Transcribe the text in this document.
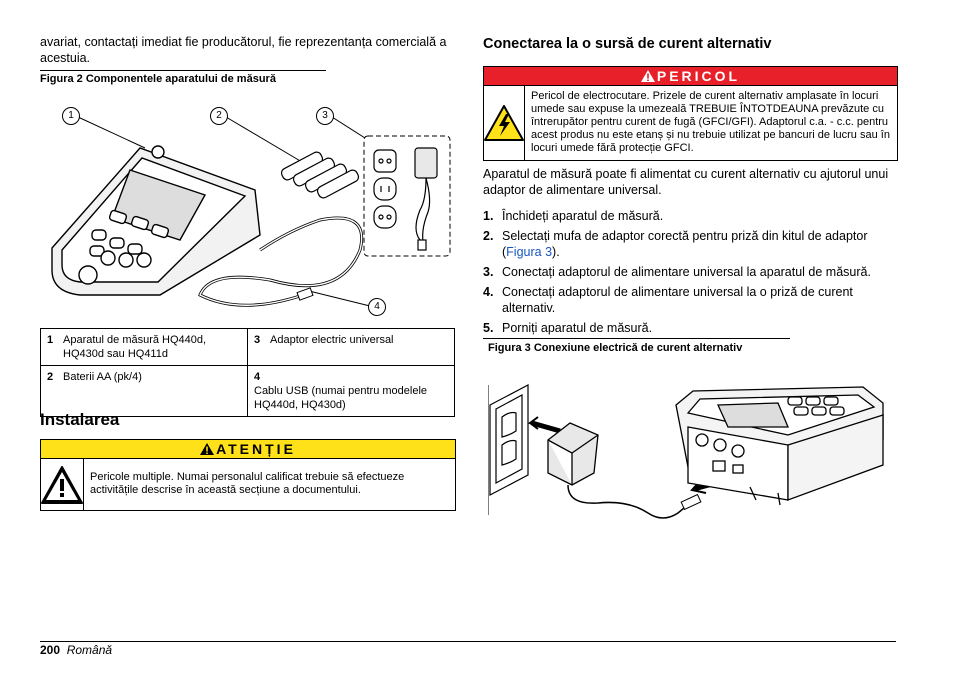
avariat, contactați imediat fie producătorul, fie reprezentanța comercială a acestuia.
Figura 2 Componentele aparatului de măsură
1	2	3
4
1 Aparatul de măsură HQ440d, HQ430d sau HQ411d	3 Adaptor electric universal
2 Baterii AA (pk/4)	4Cablu USB (numai pentru modelele HQ440d, HQ430d)
Instalarea
ATENȚIE
Pericole multiple. Numai personalul calificat trebuie să efectueze activitățile descrise în această secțiune a documentului.
Conectarea la o sursă de curent alternativ
PERICOL
Pericol de electrocutare. Prizele de curent alternativ amplasate în locuri umede sau expuse la umezeală TREBUIE ÎNTOTDEAUNA prevăzute cu întrerupător pentru curent de fugă (GFCI/GFI). Adaptorul c.a. - c.c. pentru acest produs nu este etanș și nu trebuie utilizat pe bancuri de lucru sau în locuri umede fără protecție GFCI.
Aparatul de măsură poate fi alimentat cu curent alternativ cu ajutorul unui adaptor de alimentare universal.
1. Închideți aparatul de măsură.
2. Selectați mufa de adaptor corectă pentru priză din kitul de adaptor (Figura 3).
3. Conectați adaptorul de alimentare universal la aparatul de măsură.
4. Conectați adaptorul de alimentare universal la o priză de curent alternativ.
5. Porniți aparatul de măsură.
Figura 3 Conexiune electrică de curent alternativ
200 Română
